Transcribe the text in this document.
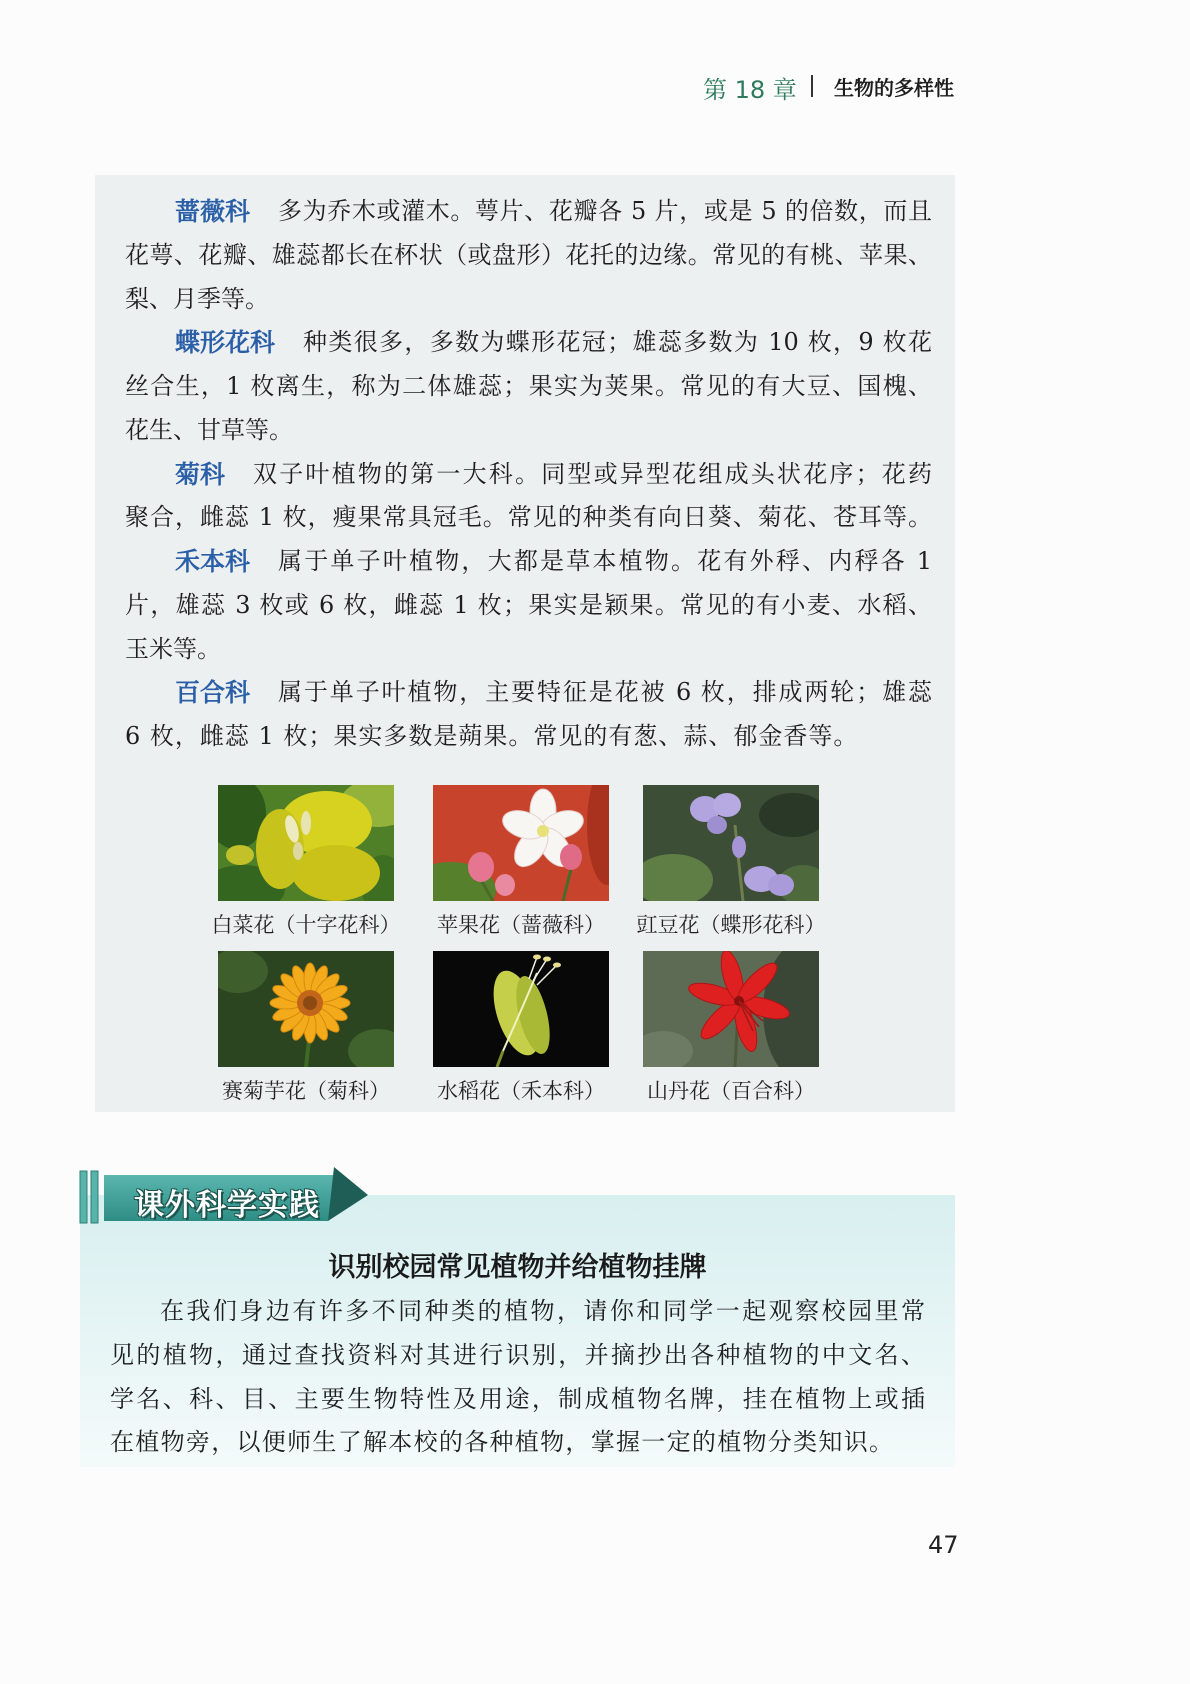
第 18 章 生物的多样性
蔷薇科 多为乔木或灌木。萼片、花瓣各 5 片，或是 5 的倍数，而且
花萼、花瓣、雄蕊都长在杯状（或盘形）花托的边缘。常见的有桃、苹果、
梨、月季等。
蝶形花科 种类很多，多数为蝶形花冠；雄蕊多数为 10 枚，9 枚花
丝合生，1 枚离生，称为二体雄蕊；果实为荚果。常见的有大豆、国槐、
花生、甘草等。
菊科 双子叶植物的第一大科。同型或异型花组成头状花序；花药
聚合，雌蕊 1 枚，瘦果常具冠毛。常见的种类有向日葵、菊花、苍耳等。
禾本科 属于单子叶植物，大都是草本植物。花有外稃、内稃各 1
片，雄蕊 3 枚或 6 枚，雌蕊 1 枚；果实是颖果。常见的有小麦、水稻、
玉米等。
百合科 属于单子叶植物，主要特征是花被 6 枚，排成两轮；雄蕊
6 枚，雌蕊 1 枚；果实多数是蒴果。常见的有葱、蒜、郁金香等。
白菜花（十字花科） 苹果花（蔷薇科） 豇豆花（蝶形花科）
赛菊芋花（菊科） 水稻花（禾本科） 山丹花（百合科）
课外科学实践
识别校园常见植物并给植物挂牌
在我们身边有许多不同种类的植物，请你和同学一起观察校园里常
见的植物，通过查找资料对其进行识别，并摘抄出各种植物的中文名、
学名、科、目、主要生物特性及用途，制成植物名牌，挂在植物上或插
在植物旁，以便师生了解本校的各种植物，掌握一定的植物分类知识。
47
